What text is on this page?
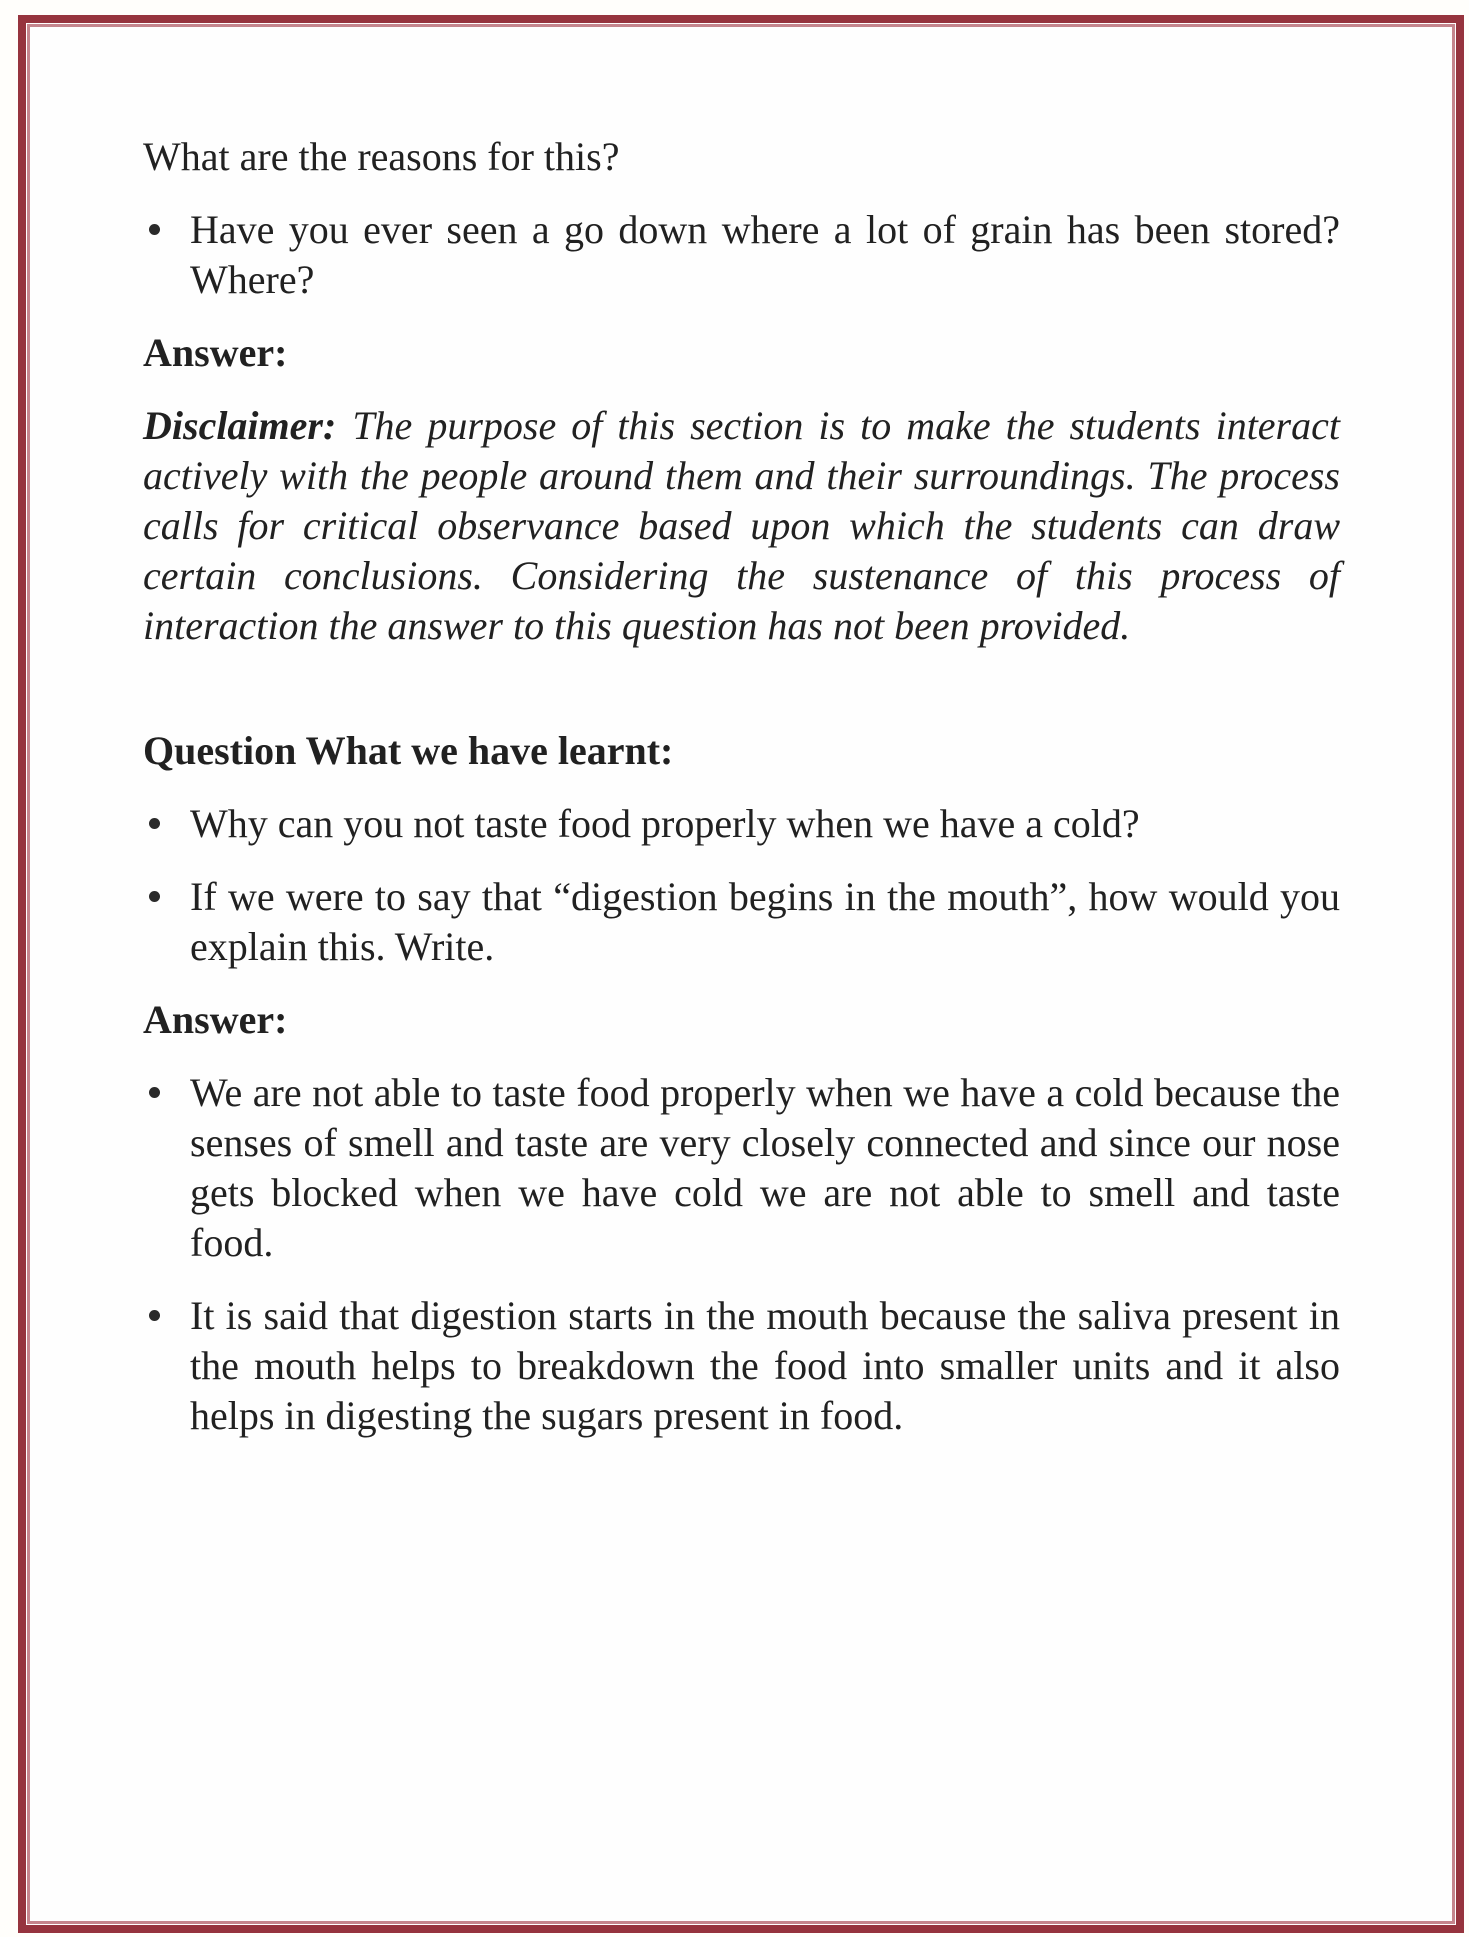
What are the reasons for this?

Have you ever seen a go down where a lot of grain has been stored? Where?

Answer:

Disclaimer: The purpose of this section is to make the students interact actively with the people around them and their surroundings. The process calls for critical observance based upon which the students can draw certain conclusions. Considering the sustenance of this process of interaction the answer to this question has not been provided.

Question What we have learnt:

Why can you not taste food properly when we have a cold?
If we were to say that “digestion begins in the mouth”, how would you explain this. Write.

Answer:

We are not able to taste food properly when we have a cold because the senses of smell and taste are very closely connected and since our nose gets blocked when we have cold we are not able to smell and taste food.
It is said that digestion starts in the mouth because the saliva present in the mouth helps to breakdown the food into smaller units and it also helps in digesting the sugars present in food.
